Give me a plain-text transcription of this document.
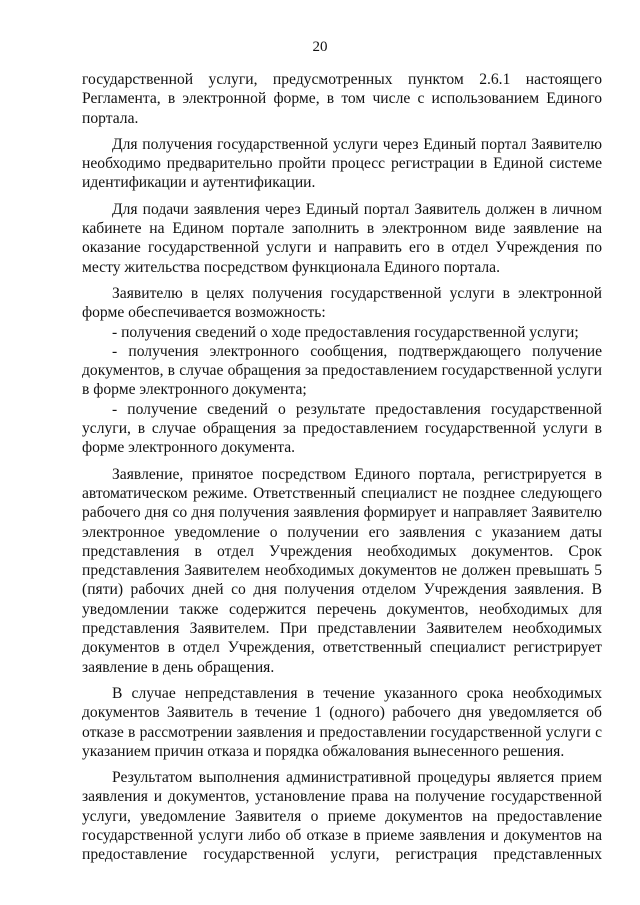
20

государственной услуги, предусмотренных пунктом 2.6.1 настоящего Регламента, в электронной форме, в том числе с использованием Единого портала.

Для получения государственной услуги через Единый портал Заявителю необходимо предварительно пройти процесс регистрации в Единой системе идентификации и аутентификации.

Для подачи заявления через Единый портал Заявитель должен в личном кабинете на Едином портале заполнить в электронном виде заявление на оказание государственной услуги и направить его в отдел Учреждения по месту жительства посредством функционала Единого портала.

Заявителю в целях получения государственной услуги в электронной форме обеспечивается возможность:

- получения сведений о ходе предоставления государственной услуги;

- получения электронного сообщения, подтверждающего получение документов, в случае обращения за предоставлением государственной услуги в форме электронного документа;

- получение сведений о результате предоставления государственной услуги, в случае обращения за предоставлением государственной услуги в форме электронного документа.

Заявление, принятое посредством Единого портала, регистрируется в автоматическом режиме. Ответственный специалист не позднее следующего рабочего дня со дня получения заявления формирует и направляет Заявителю электронное уведомление о получении его заявления с указанием даты представления в отдел Учреждения необходимых документов. Срок представления Заявителем необходимых документов не должен превышать 5 (пяти) рабочих дней со дня получения отделом Учреждения заявления. В уведомлении также содержится перечень документов, необходимых для представления Заявителем. При представлении Заявителем необходимых документов в отдел Учреждения, ответственный специалист регистрирует заявление в день обращения.

В случае непредставления в течение указанного срока необходимых документов Заявитель в течение 1 (одного) рабочего дня уведомляется об отказе в рассмотрении заявления и предоставлении государственной услуги с указанием причин отказа и порядка обжалования вынесенного решения.

Результатом выполнения административной процедуры является прием заявления и документов, установление права на получение государственной услуги, уведомление Заявителя о приеме документов на предоставление государственной услуги либо об отказе в приеме заявления и документов на предоставление государственной услуги, регистрация представленных
